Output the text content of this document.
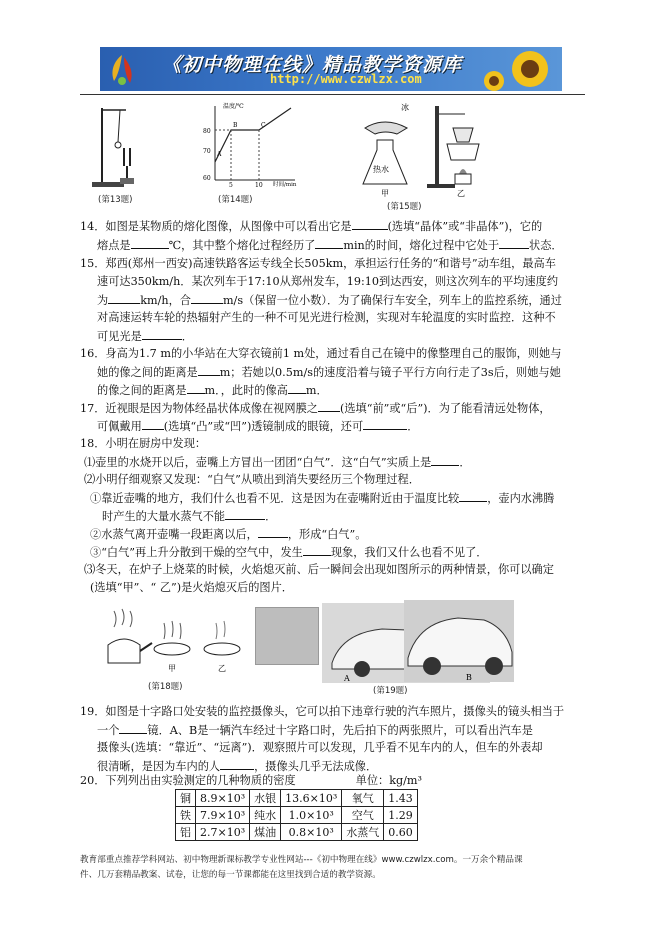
《初中物理在线》精品教学资源库
http://www.czwlzx.com
(第13题)
温度/℃
时间/min
80
70
60
5	10
A
B	C
(第14题)
冰
热水
甲	乙
(第15题)
14．如图是某物质的熔化图像，从图像中可以看出它是	(选填“晶体”或“非晶体”)，它的
熔点是	℃，其中整个熔化过程经历了	min的时间，熔化过程中它处于	状态．
15．郑西(郑州一西安)高速铁路客运专线全长505km，承担运行任务的“和谐号”动车组，最高车
速可达350km/h．某次列车于17:10从郑州发车，19:10到达西安，则这次列车的平均速度约
为	km/h，合	m/s（保留一位小数）．为了确保行车安全，列车上的监控系统，通过
对高速运转车轮的热辐射产生的一种不可见光进行检测，实现对车轮温度的实时监控．这种不
可见光是	．
16．身高为1.7 m的小华站在大穿衣镜前1 m处，通过看自己在镜中的像整理自己的服饰，则她与
她的像之间的距离是 m；若她以0.5m/s的速度沿着与镜子平行方向行走了3s后，则她与她
的像之间的距离是 m．，此时的像高 m．
17．近视眼是因为物体经晶状体成像在视网膜之 (选填“前”或“后”)．为了能看清远处物体，
可佩戴用 (选填“凸”或“凹”)透镜制成的眼镜，还可	．
18．小明在厨房中发现：
⑴壶里的水烧开以后，壶嘴上方冒出一团团“白气”．这“白气”实质上是	．
⑵小明仔细观察又发现：“白气”从喷出到消失要经历三个物理过程．
①靠近壶嘴的地方，我们什么也看不见．这是因为在壶嘴附近由于温度比较	，壶内水沸腾
时产生的大量水蒸气不能	．
②水蒸气离开壶嘴一段距离以后，	，形成“白气”。
③“白气”再上升分散到干燥的空气中，发生	现象，我们又什么也看不见了．
⑶冬天，在炉子上烧菜的时候，火焰熄灭前、后一瞬间会出现如图所示的两种情景，你可以确定
(选填“甲”、“ 乙”)是火焰熄灭后的图片．
甲	乙
A	B
(第18题)	(第19题)
19．如图是十字路口处安装的监控摄像头，它可以拍下违章行驶的汽车照片，摄像头的镜头相当于
一个	镜．A、B是一辆汽车经过十字路口时，先后拍下的两张照片，可以看出汽车是
摄像头(选填：“靠近”、“远离”)．观察照片可以发现，几乎看不见车内的人，但车的外表却
很清晰，是因为车内的人	，摄像头几乎无法成像．
20．下列列出由实验测定的几种物质的密度	单位：kg/m³
铜	8.9×10³	水银	13.6×10³	氧气	1.43
铁	7.9×10³	纯水	1.0×10³	空气	1.29
铝	2.7×10³	煤油	0.8×10³	水蒸气	0.60
教育部重点推荐学科网站、初中物理新课标教学专业性网站---《初中物理在线》www.czwlzx.com。一万余个精品课
件、几万套精品教案、试卷，让您的每一节课都能在这里找到合适的教学资源。
